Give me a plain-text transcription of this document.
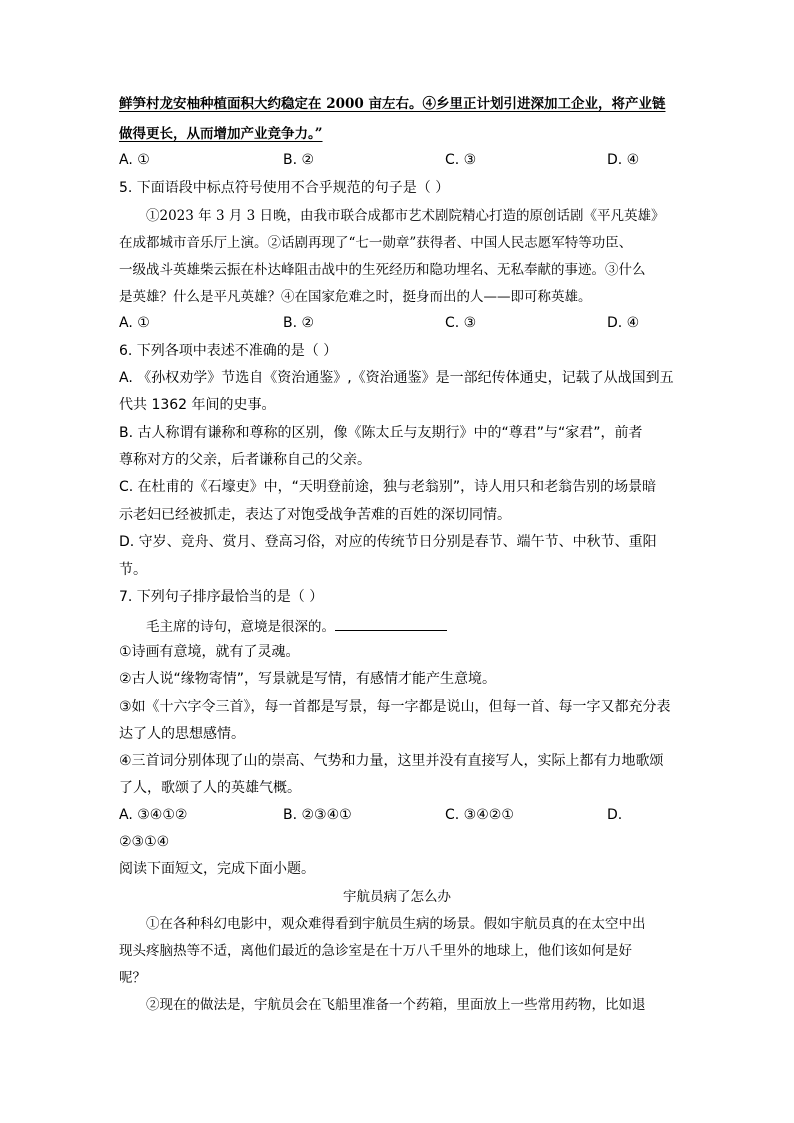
鲜笋村龙安柚种植面积大约稳定在 2000 亩左右。④乡里正计划引进深加工企业，将产业链
做得更长，从而增加产业竞争力。”
A. ①	B. ②	C. ③	D. ④
5. 下面语段中标点符号使用不合乎规范的句子是（ ）
①2023 年 3 月 3 日晚，由我市联合成都市艺术剧院精心打造的原创话剧《平凡英雄》
在成都城市音乐厅上演。②话剧再现了“七一勋章”获得者、中国人民志愿军特等功臣、
一级战斗英雄柴云振在朴达峰阻击战中的生死经历和隐功埋名、无私奉献的事迹。③什么
是英雄？什么是平凡英雄？④在国家危难之时，挺身而出的人——即可称英雄。
A. ①	B. ②	C. ③	D. ④
6. 下列各项中表述不准确的是（ ）
A. 《孙权劝学》节选自《资治通鉴》,《资治通鉴》是一部纪传体通史，记载了从战国到五
代共 1362 年间的史事。
B. 古人称谓有谦称和尊称的区别，像《陈太丘与友期行》中的“尊君”与“家君”，前者
尊称对方的父亲，后者谦称自己的父亲。
C. 在杜甫的《石壕吏》中，“天明登前途，独与老翁别”，诗人用只和老翁告别的场景暗
示老妇已经被抓走，表达了对饱受战争苦难的百姓的深切同情。
D. 守岁、竞舟、赏月、登高习俗，对应的传统节日分别是春节、端午节、中秋节、重阳
节。
7. 下列句子排序最恰当的是（ ）
毛主席的诗句，意境是很深的。
①诗画有意境，就有了灵魂。
②古人说“缘物寄情”，写景就是写情，有感情才能产生意境。
③如《十六字令三首》，每一首都是写景，每一字都是说山，但每一首、每一字又都充分表
达了人的思想感情。
④三首词分别体现了山的崇高、气势和力量，这里并没有直接写人，实际上都有力地歌颂
了人，歌颂了人的英雄气概。
A. ③④①②	B. ②③④①	C. ③④②①	D.
②③①④
阅读下面短文，完成下面小题。
宇航员病了怎么办
①在各种科幻电影中，观众难得看到宇航员生病的场景。假如宇航员真的在太空中出
现头疼脑热等不适，离他们最近的急诊室是在十万八千里外的地球上，他们该如何是好
呢？
②现在的做法是，宇航员会在飞船里准备一个药箱，里面放上一些常用药物，比如退
